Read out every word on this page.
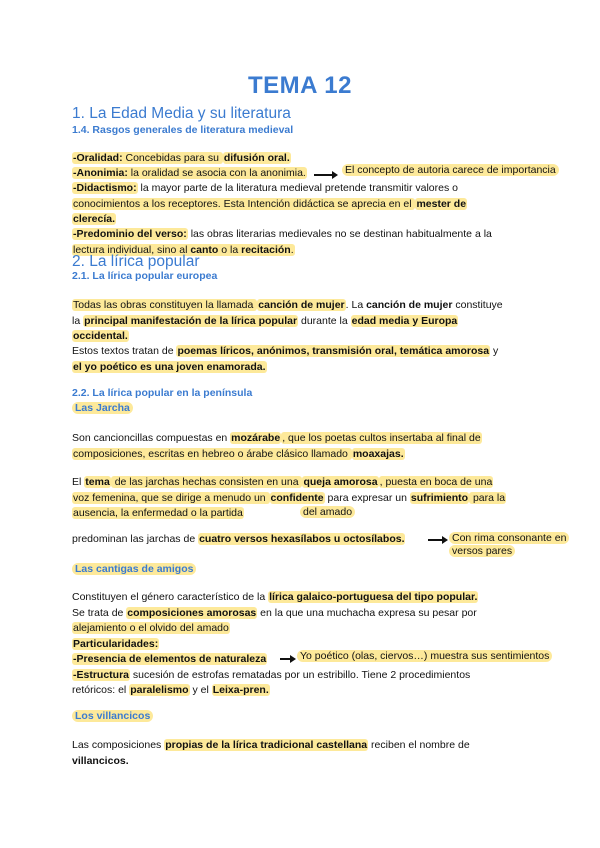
TEMA 12
1. La Edad Media y su literatura
1.4. Rasgos generales de literatura medieval
-Oralidad: Concebidas para su difusión oral.
-Anonimia: la oralidad se asocia con la anonimia.	El concepto de autoria carece de importancia
-Didactismo: la mayor parte de la literatura medieval pretende transmitir valores o
conocimientos a los receptores. Esta Intención didáctica se aprecia en el mester de
clerecía.
-Predominio del verso: las obras literarias medievales no se destinan habitualmente a la
lectura individual, sino al canto o la recitación.
2. La lírica popular
2.1. La lírica popular europea
Todas las obras constituyen la llamada canción de mujer. La canción de mujer constituye
la principal manifestación de la lírica popular durante la edad media y Europa
occidental.
Estos textos tratan de poemas líricos, anónimos, transmisión oral, temática amorosa y
el yo poético es una joven enamorada.
2.2. La lírica popular en la península
Las Jarcha
Son cancioncillas compuestas en mozárabe , que los poetas cultos insertaba al final de
composiciones, escritas en hebreo o árabe clásico llamado moaxajas.
El tema de las jarchas hechas consisten en una queja amorosa , puesta en boca de una
voz femenina, que se dirige a menudo un confidente para expresar un sufrimiento para la
ausencia, la enfermedad o la partida	del amado
predominan las jarchas de cuatro versos hexasílabos u octosílabos.	Con rima consonante en
versos pares
Las cantigas de amigos
Constituyen el género característico de la lírica galaico-portuguesa del tipo popular.
Se trata de composiciones amorosas en la que una muchacha expresa su pesar por
alejamiento o el olvido del amado
Particularidades:
-Presencia de elementos de naturaleza
-Estructura sucesión de estrofas rematadas por un estribillo. Tiene 2 procedimientos
retóricos: el paralelismo y el Leixa-pren.
Yo poético (olas, ciervos…) muestra sus sentimientos
Los villancicos
Las composiciones propias de la lírica tradicional castellana reciben el nombre de
villancicos.
